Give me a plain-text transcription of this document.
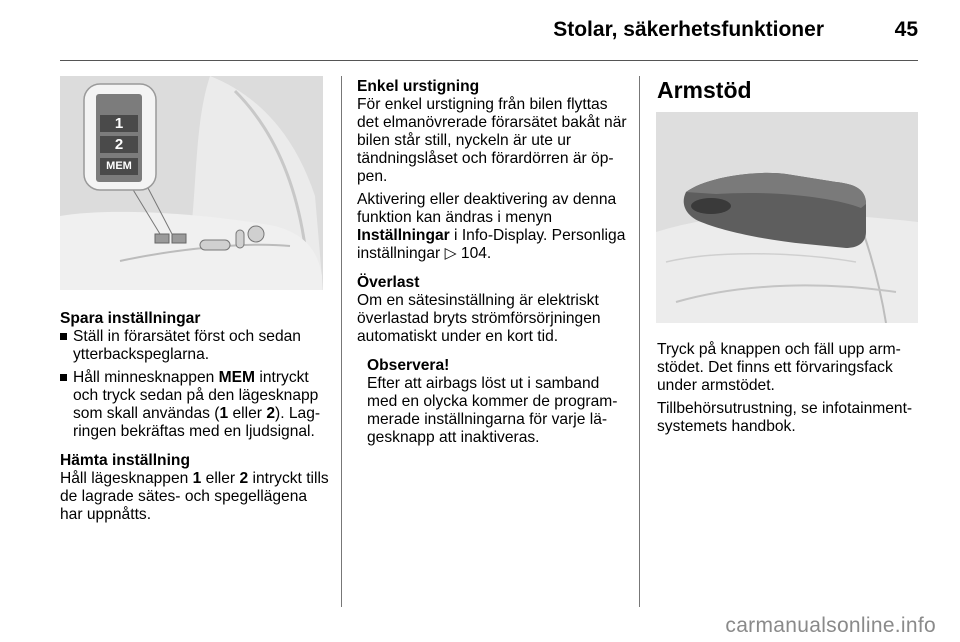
Stolar, säkerhetsfunktioner	45
1
2
MEM

Spara inställningar

Ställ in förarsätet först och sedan ytterbackspeglarna.

Håll minnesknappen MEM intryckt och tryck sedan på den lägesknapp som skall användas (1 eller 2). Lagringen bekräftas med en ljudsignal.

Hämta inställning

Håll lägesknappen 1 eller 2 intryckt tills de lagrade sätes- och spegellägena har uppnåtts.

Enkel urstigning

För enkel urstigning från bilen flyttas det elmanövrerade förarsätet bakåt när bilen står still, nyckeln är ute ur tändningslåset och förardörren är öppen.

Aktivering eller deaktivering av denna funktion kan ändras i menyn Inställningar i Info-Display. Personliga inställningar ▷ 104.

Överlast

Om en sätesinställning är elektriskt överlastad bryts strömförsörjningen automatiskt under en kort tid.

Observera!

Efter att airbags löst ut i samband med en olycka kommer de programmerade inställningarna för varje lägesknapp att inaktiveras.

Armstöd

Tryck på knappen och fäll upp armstödet. Det finns ett förvaringsfack under armstödet.

Tillbehörsutrustning, se infotainmentsystemets handbok.

carmanualsonline.info
